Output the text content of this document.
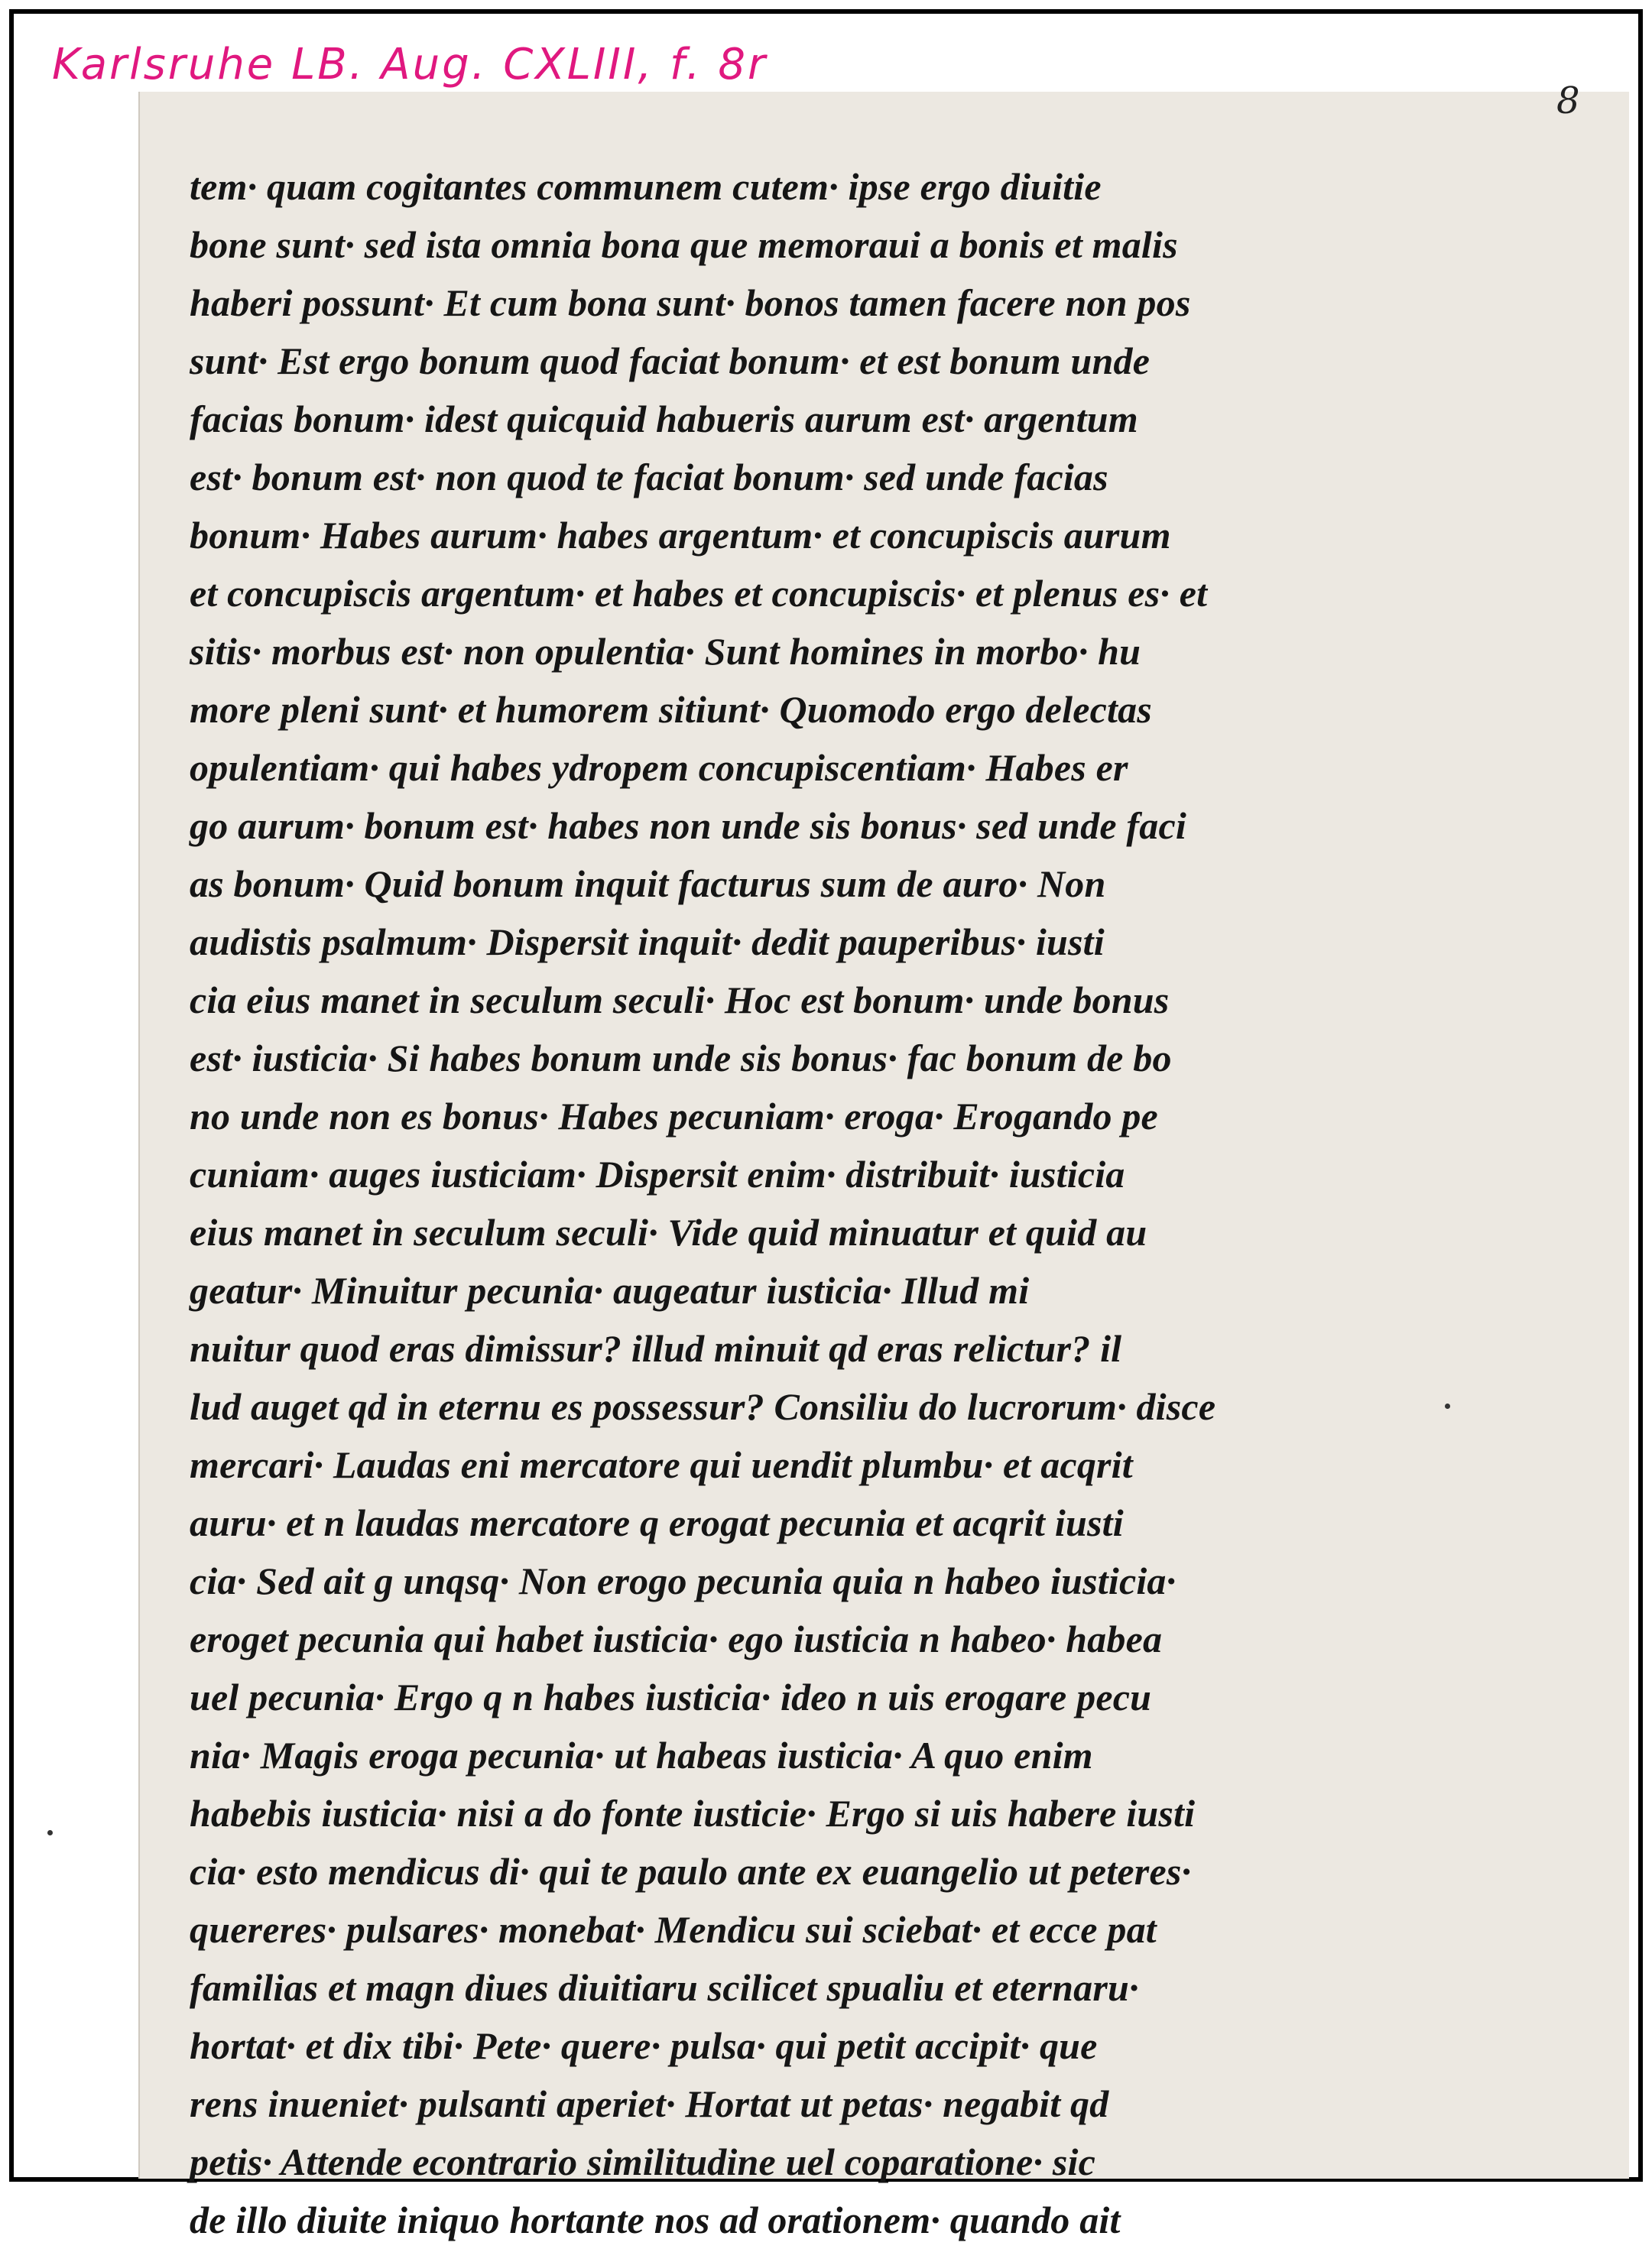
Karlsruhe LB. Aug. CXLIII, f. 8r
8
tem· quam cogitantes communem cutem· ipse ergo diuitie
bone sunt· sed ista omnia bona que memoraui a bonis et malis
haberi possunt· Et cum bona sunt· bonos tamen facere non pos
sunt· Est ergo bonum quod faciat bonum· et est bonum unde
facias bonum· idest quicquid habueris aurum est· argentum
est· bonum est· non quod te faciat bonum· sed unde facias
bonum· Habes aurum· habes argentum· et concupiscis aurum
et concupiscis argentum· et habes et concupiscis· et plenus es· et
sitis· morbus est· non opulentia· Sunt homines in morbo· hu
more pleni sunt· et humorem sitiunt· Quomodo ergo delectas
opulentiam· qui habes ydropem concupiscentiam· Habes er
go aurum· bonum est· habes non unde sis bonus· sed unde faci
as bonum· Quid bonum inquit facturus sum de auro· Non
audistis psalmum· Dispersit inquit· dedit pauperibus· iusti
cia eius manet in seculum seculi· Hoc est bonum· unde bonus
est· iusticia· Si habes bonum unde sis bonus· fac bonum de bo
no unde non es bonus· Habes pecuniam· eroga· Erogando pe
cuniam· auges iusticiam· Dispersit enim· distribuit· iusticia
eius manet in seculum seculi· Vide quid minuatur et quid au
geatur· Minuitur pecunia· augeatur iusticia· Illud mi
nuitur quod eras dimissur? illud minuit qd eras relictur? il
lud auget qd in eternu es possessur? Consiliu do lucrorum· disce
mercari· Laudas eni mercatore qui uendit plumbu· et acqrit
auru· et n laudas mercatore q erogat pecunia et acqrit iusti
cia· Sed ait g unqsq· Non erogo pecunia quia n habeo iusticia·
eroget pecunia qui habet iusticia· ego iusticia n habeo· habea
uel pecunia· Ergo q n habes iusticia· ideo n uis erogare pecu
nia· Magis eroga pecunia· ut habeas iusticia· A quo enim
habebis iusticia· nisi a do fonte iusticie· Ergo si uis habere iusti
cia· esto mendicus di· qui te paulo ante ex euangelio ut peteres·
quereres· pulsares· monebat· Mendicu sui sciebat· et ecce pat
familias et magn diues diuitiaru scilicet spualiu et eternaru·
hortat· et dix tibi· Pete· quere· pulsa· qui petit accipit· que
rens inueniet· pulsanti aperiet· Hortat ut petas· negabit qd
petis· Attende econtrario similitudine uel coparatione· sic
de illo diuite iniquo hortante nos ad orationem· quando ait
